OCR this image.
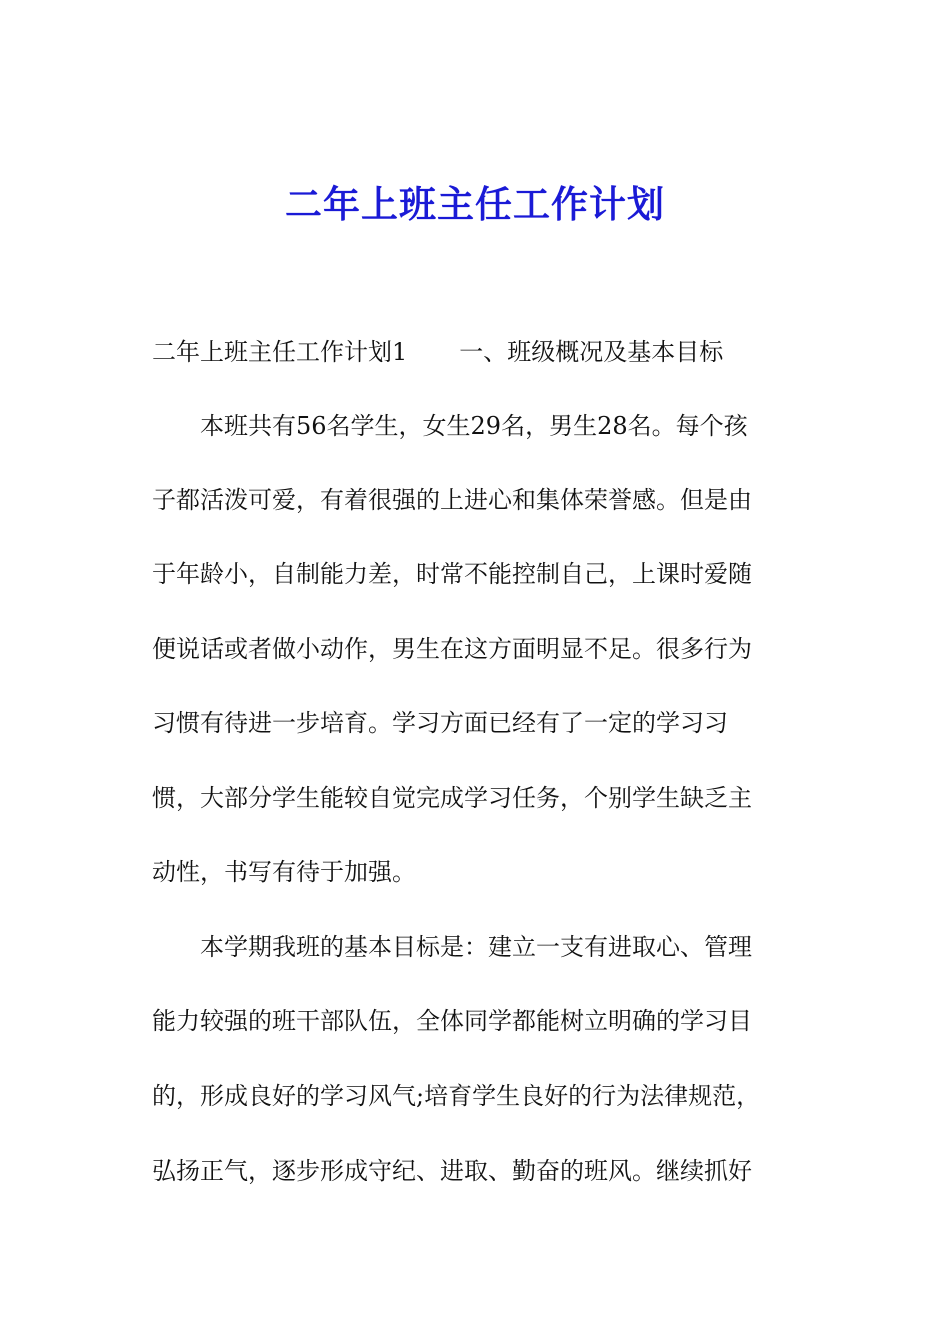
二年上班主任工作计划
二年上班主任工作计划1 一、班级概况及基本目标
本班共有56名学生，女生29名，男生28名。每个孩
子都活泼可爱，有着很强的上进心和集体荣誉感。但是由
于年龄小，自制能力差，时常不能控制自己，上课时爱随
便说话或者做小动作，男生在这方面明显不足。很多行为
习惯有待进一步培育。学习方面已经有了一定的学习习
惯，大部分学生能较自觉完成学习任务，个别学生缺乏主
动性，书写有待于加强。
本学期我班的基本目标是：建立一支有进取心、管理
能力较强的班干部队伍，全体同学都能树立明确的学习目
的，形成良好的学习风气;培育学生良好的行为法律规范，
弘扬正气，逐步形成守纪、进取、勤奋的班风。继续抓好
